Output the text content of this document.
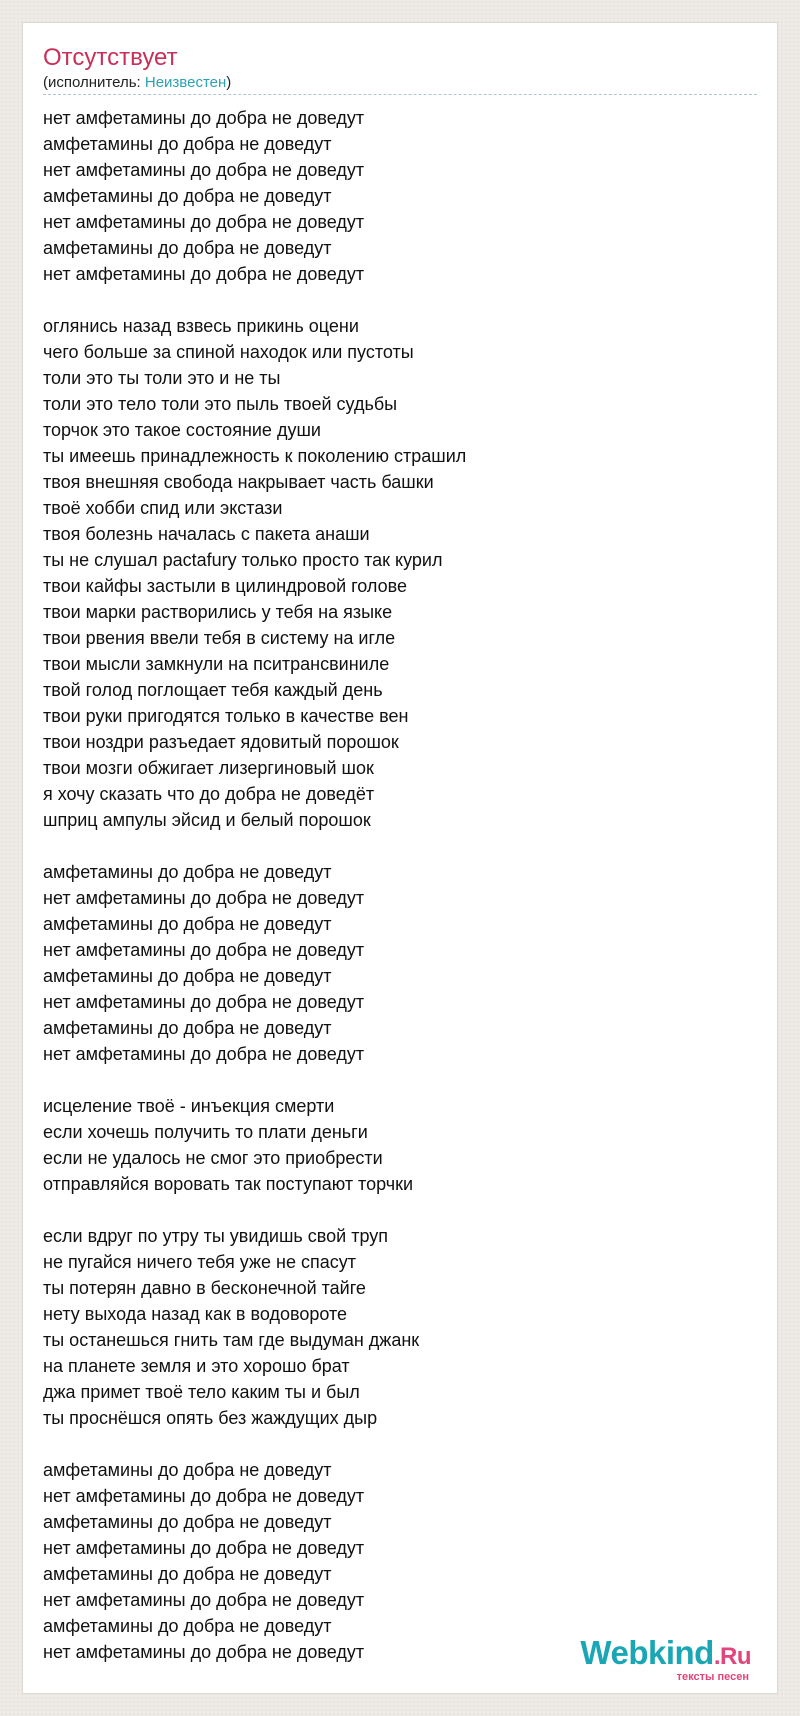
Отсутствует
(исполнитель: Неизвестен)
нет амфетамины до добра не доведут
амфетамины до добра не доведут
нет амфетамины до добра не доведут
амфетамины до добра не доведут
нет амфетамины до добра не доведут
амфетамины до добра не доведут
нет амфетамины до добра не доведут
оглянись назад взвесь прикинь оцени
чего больше за спиной находок или пустоты
толи это ты толи это и не ты
толи это тело толи это пыль твоей судьбы
торчок это такое состояние души
ты имеешь принадлежность к поколению страшил
твоя внешняя свобода накрывает часть башки
твоё хобби спид или экстази
твоя болезнь началась с пакета анаши
ты не слушал pactafury только просто так курил
твои кайфы застыли в цилиндровой голове
твои марки растворились у тебя на языке
твои рвения ввели тебя в систему на игле
твои мысли замкнули на пситрансвиниле
твой голод поглощает тебя каждый день
твои руки пригодятся только в качестве вен
твои ноздри разъедает ядовитый порошок
твои мозги обжигает лизергиновый шок
я хочу сказать что до добра не доведёт
шприц ампулы эйсид и белый порошок
амфетамины до добра не доведут
нет амфетамины до добра не доведут
амфетамины до добра не доведут
нет амфетамины до добра не доведут
амфетамины до добра не доведут
нет амфетамины до добра не доведут
амфетамины до добра не доведут
нет амфетамины до добра не доведут
исцеление твоё - инъекция смерти
если хочешь получить то плати деньги
если не удалось не смог это приобрести
отправляйся воровать так поступают торчки
если вдруг по утру ты увидишь свой труп
не пугайся ничего тебя уже не спасут
ты потерян давно в бесконечной тайге
нету выхода назад как в водовороте
ты останешься гнить там где выдуман джанк
на планете земля и это хорошо брат
джа примет твоё тело каким ты и был
ты проснёшся опять без жаждущих дыр
амфетамины до добра не доведут
нет амфетамины до добра не доведут
амфетамины до добра не доведут
нет амфетамины до добра не доведут
амфетамины до добра не доведут
нет амфетамины до добра не доведут
амфетамины до добра не доведут
нет амфетамины до добра не доведут	Webkind.Ru
тексты песен
